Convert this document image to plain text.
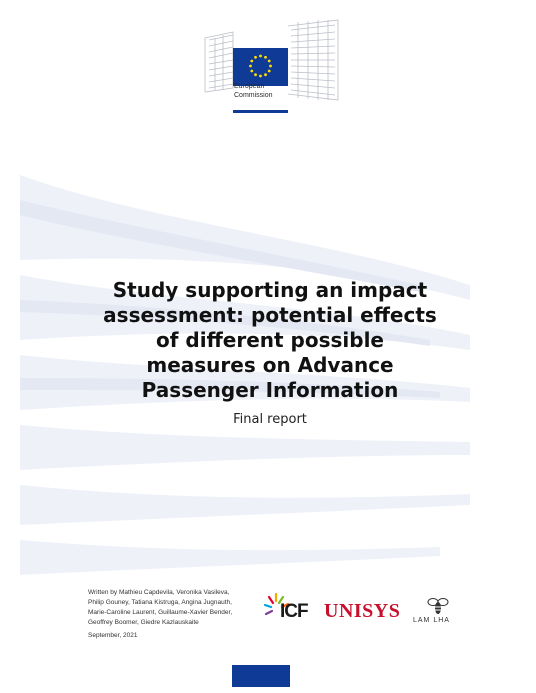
European
Commission
Study supporting an impact
assessment: potential effects
of different possible
measures on Advance
Passenger Information
Final report
Written by Mathieu Capdevila, Veronika Vasileva,
Philip Gouney, Tatiana Kistruga, Angina Jugnauth,
Marie-Caroline Laurent, Guillaume-Xavier Bender,
Geoffrey Boomer, Giedre Kazlauskaite
September, 2021
ICF UNISYS LAM LHA
